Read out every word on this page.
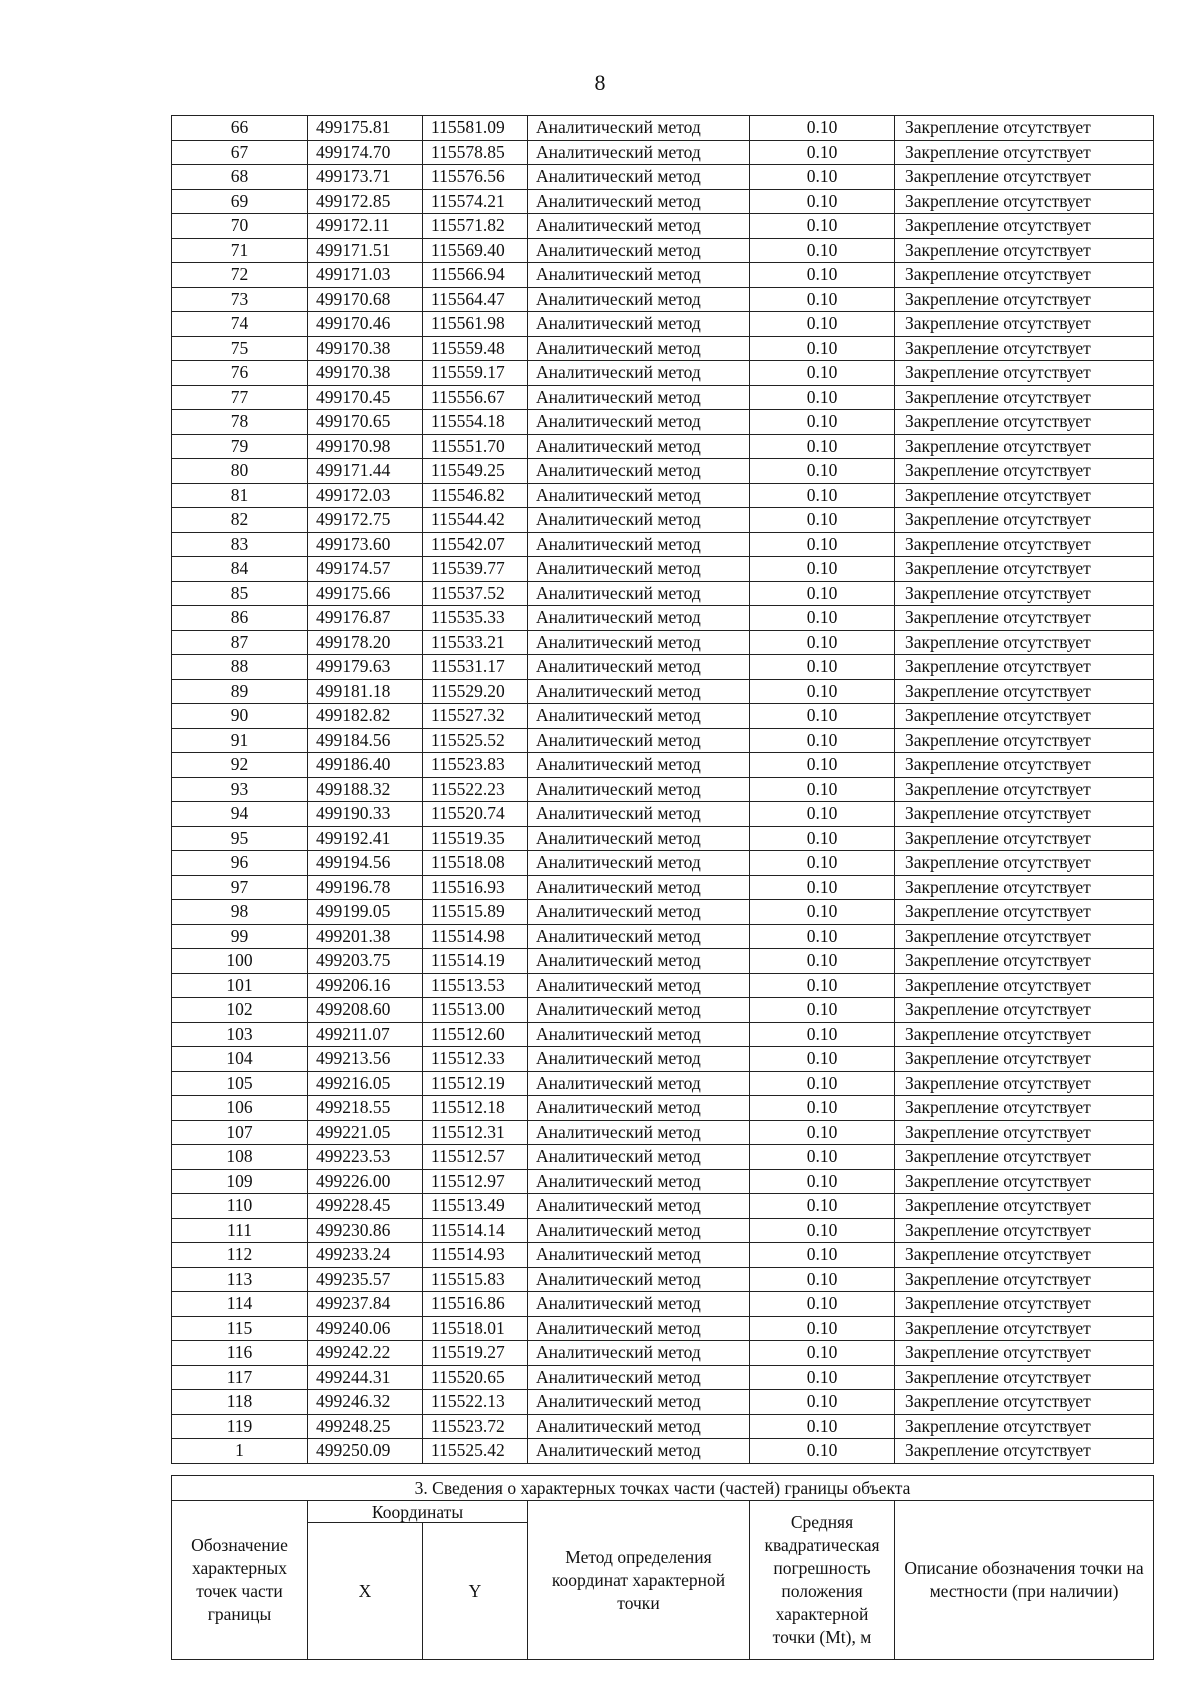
8
66	499175.81	115581.09	Аналитический метод	0.10	Закрепление отсутствует
67	499174.70	115578.85	Аналитический метод	0.10	Закрепление отсутствует
68	499173.71	115576.56	Аналитический метод	0.10	Закрепление отсутствует
69	499172.85	115574.21	Аналитический метод	0.10	Закрепление отсутствует
70	499172.11	115571.82	Аналитический метод	0.10	Закрепление отсутствует
71	499171.51	115569.40	Аналитический метод	0.10	Закрепление отсутствует
72	499171.03	115566.94	Аналитический метод	0.10	Закрепление отсутствует
73	499170.68	115564.47	Аналитический метод	0.10	Закрепление отсутствует
74	499170.46	115561.98	Аналитический метод	0.10	Закрепление отсутствует
75	499170.38	115559.48	Аналитический метод	0.10	Закрепление отсутствует
76	499170.38	115559.17	Аналитический метод	0.10	Закрепление отсутствует
77	499170.45	115556.67	Аналитический метод	0.10	Закрепление отсутствует
78	499170.65	115554.18	Аналитический метод	0.10	Закрепление отсутствует
79	499170.98	115551.70	Аналитический метод	0.10	Закрепление отсутствует
80	499171.44	115549.25	Аналитический метод	0.10	Закрепление отсутствует
81	499172.03	115546.82	Аналитический метод	0.10	Закрепление отсутствует
82	499172.75	115544.42	Аналитический метод	0.10	Закрепление отсутствует
83	499173.60	115542.07	Аналитический метод	0.10	Закрепление отсутствует
84	499174.57	115539.77	Аналитический метод	0.10	Закрепление отсутствует
85	499175.66	115537.52	Аналитический метод	0.10	Закрепление отсутствует
86	499176.87	115535.33	Аналитический метод	0.10	Закрепление отсутствует
87	499178.20	115533.21	Аналитический метод	0.10	Закрепление отсутствует
88	499179.63	115531.17	Аналитический метод	0.10	Закрепление отсутствует
89	499181.18	115529.20	Аналитический метод	0.10	Закрепление отсутствует
90	499182.82	115527.32	Аналитический метод	0.10	Закрепление отсутствует
91	499184.56	115525.52	Аналитический метод	0.10	Закрепление отсутствует
92	499186.40	115523.83	Аналитический метод	0.10	Закрепление отсутствует
93	499188.32	115522.23	Аналитический метод	0.10	Закрепление отсутствует
94	499190.33	115520.74	Аналитический метод	0.10	Закрепление отсутствует
95	499192.41	115519.35	Аналитический метод	0.10	Закрепление отсутствует
96	499194.56	115518.08	Аналитический метод	0.10	Закрепление отсутствует
97	499196.78	115516.93	Аналитический метод	0.10	Закрепление отсутствует
98	499199.05	115515.89	Аналитический метод	0.10	Закрепление отсутствует
99	499201.38	115514.98	Аналитический метод	0.10	Закрепление отсутствует
100	499203.75	115514.19	Аналитический метод	0.10	Закрепление отсутствует
101	499206.16	115513.53	Аналитический метод	0.10	Закрепление отсутствует
102	499208.60	115513.00	Аналитический метод	0.10	Закрепление отсутствует
103	499211.07	115512.60	Аналитический метод	0.10	Закрепление отсутствует
104	499213.56	115512.33	Аналитический метод	0.10	Закрепление отсутствует
105	499216.05	115512.19	Аналитический метод	0.10	Закрепление отсутствует
106	499218.55	115512.18	Аналитический метод	0.10	Закрепление отсутствует
107	499221.05	115512.31	Аналитический метод	0.10	Закрепление отсутствует
108	499223.53	115512.57	Аналитический метод	0.10	Закрепление отсутствует
109	499226.00	115512.97	Аналитический метод	0.10	Закрепление отсутствует
110	499228.45	115513.49	Аналитический метод	0.10	Закрепление отсутствует
111	499230.86	115514.14	Аналитический метод	0.10	Закрепление отсутствует
112	499233.24	115514.93	Аналитический метод	0.10	Закрепление отсутствует
113	499235.57	115515.83	Аналитический метод	0.10	Закрепление отсутствует
114	499237.84	115516.86	Аналитический метод	0.10	Закрепление отсутствует
115	499240.06	115518.01	Аналитический метод	0.10	Закрепление отсутствует
116	499242.22	115519.27	Аналитический метод	0.10	Закрепление отсутствует
117	499244.31	115520.65	Аналитический метод	0.10	Закрепление отсутствует
118	499246.32	115522.13	Аналитический метод	0.10	Закрепление отсутствует
119	499248.25	115523.72	Аналитический метод	0.10	Закрепление отсутствует
1	499250.09	115525.42	Аналитический метод	0.10	Закрепление отсутствует
3. Сведения о характерных точках части (частей) границы объекта					
Обозначение характерных точек части границы	Координаты		Метод определения координат характерной точки	Средняя квадратическая погрешность положения характерной точки (Mt), м	Описание обозначения точки на местности (при наличии)
	X	Y			
